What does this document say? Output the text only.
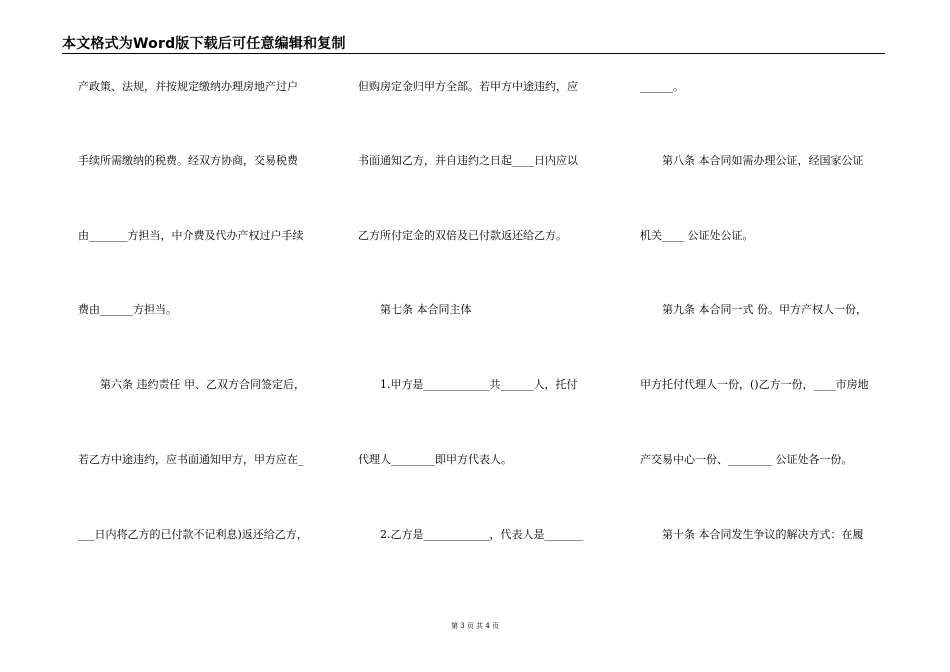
本文格式为Word版下载后可任意编辑和复制
产政策、法规，并按规定缴纳办理房地产过户
手续所需缴纳的税费。经双方协商，交易税费
由_______方担当，中介费及代办产权过户手续
费由______方担当。
　　第六条 违约责任 甲、乙双方合同签定后，
若乙方中途违约，应书面通知甲方，甲方应在_
___日内将乙方的已付款不记利息)返还给乙方，
但购房定金归甲方全部。若甲方中途违约，应
书面通知乙方，并自违约之日起____日内应以
乙方所付定金的双倍及已付款返还给乙方。
　　第七条 本合同主体
　　1.甲方是____________共______人，托付
代理人________即甲方代表人。
　　2.乙方是____________，代表人是_______
______。
　　第八条 本合同如需办理公证，经国家公证
机关____ 公证处公证。
　　第九条 本合同一式 份。甲方产权人一份，
甲方托付代理人一份，()乙方一份，____市房地
产交易中心一份、________ 公证处各一份。
　　第十条 本合同发生争议的解决方式：在履
第 3 页 共 4 页
